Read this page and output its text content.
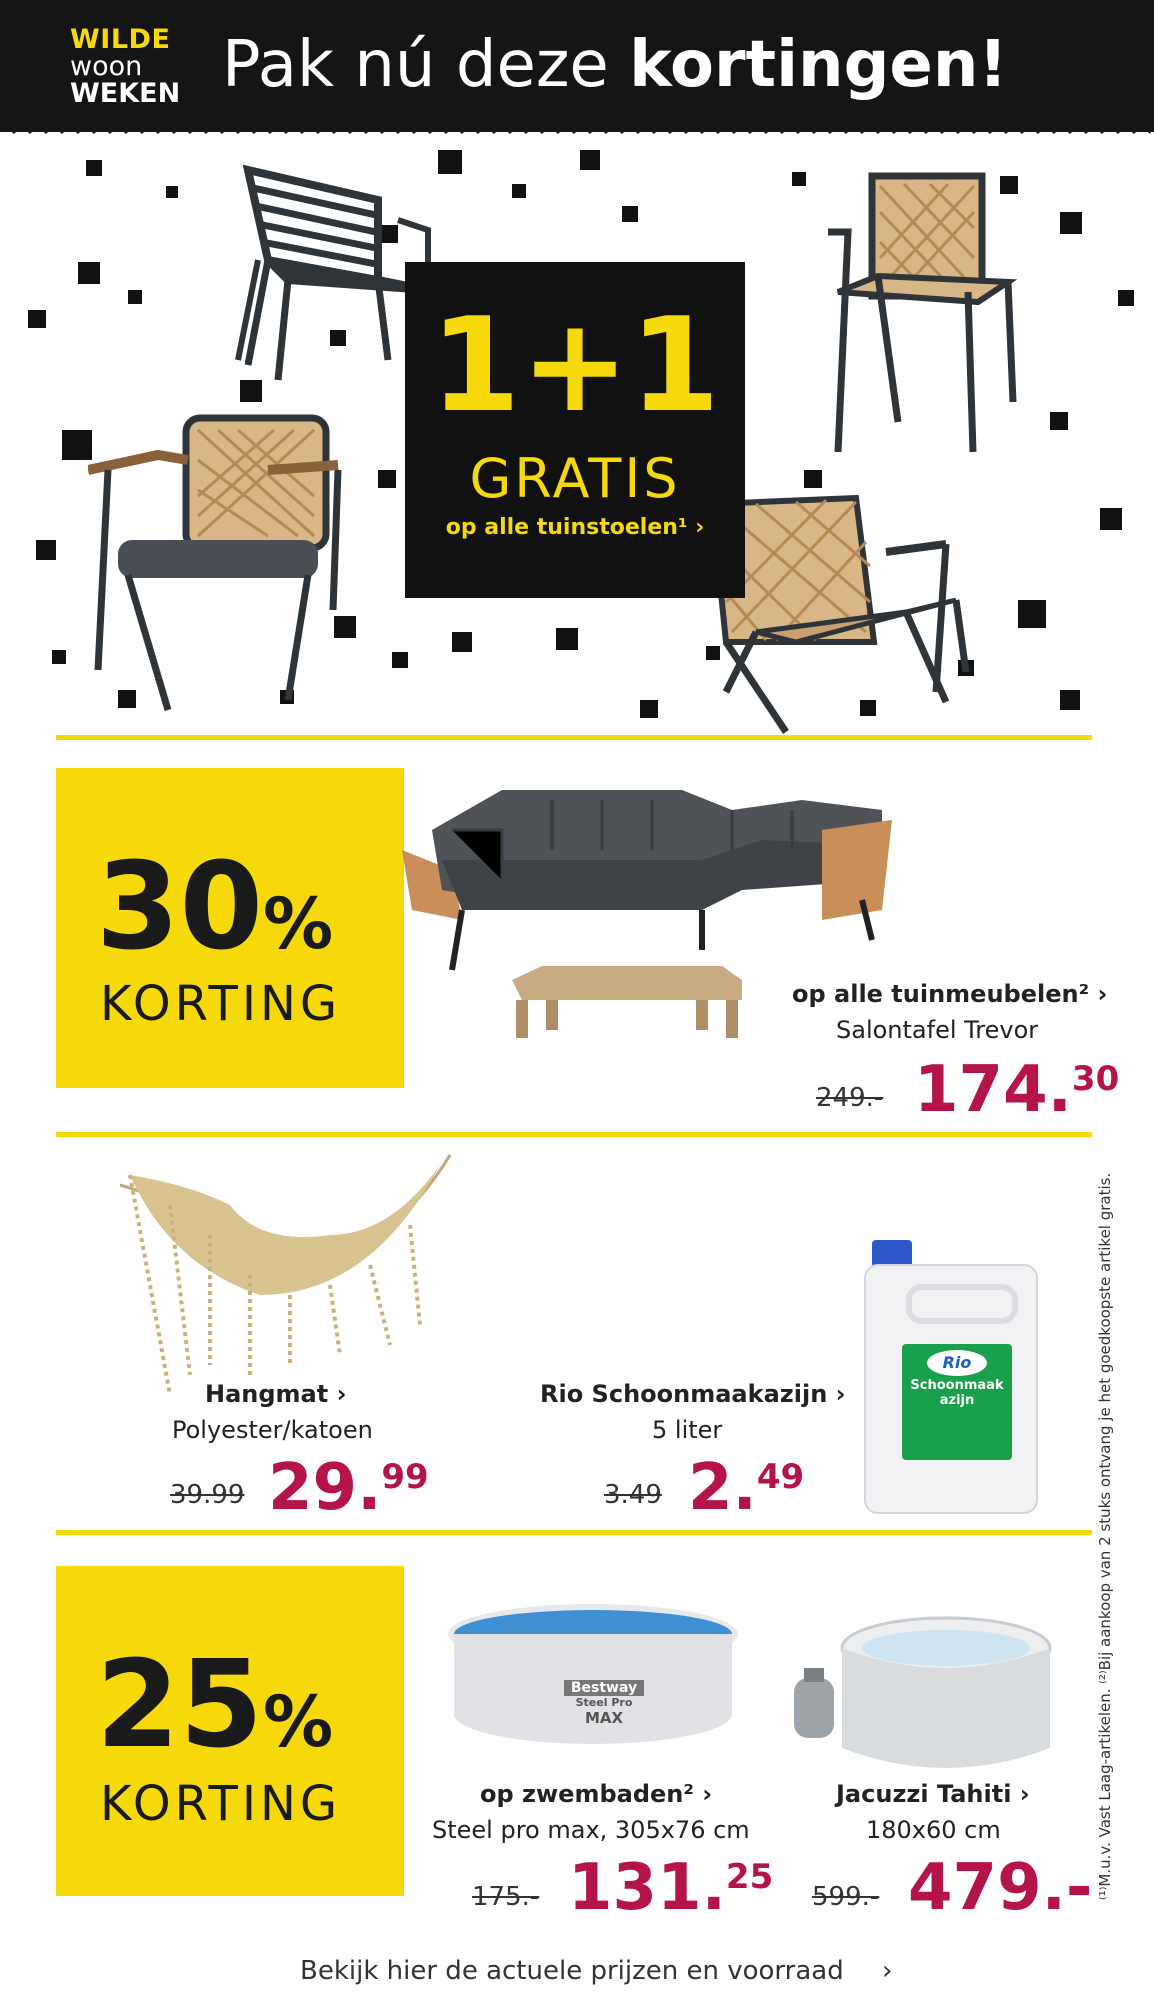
WILDE
woon
WEKEN Pak nú deze kortingen!
1+1
GRATIS
op alle tuinstoelen¹ ›
30%
KORTING	op alle tuinmeubelen² ›
Salontafel Trevor
249.- 174.30
Hangmat ›
Polyester/katoen
39.99 29.99
Rio Schoonmaakazijn ›
5 liter
3.49 2.49
Rio
Schoonmaak
azijn
25%
KORTING
Bestway
Steel Pro
MAX
op zwembaden² ›
Steel pro max, 305x76 cm
175.- 131.25
Jacuzzi Tahiti ›
180x60 cm
599.- 479.-
Bekijk hier de actuele prijzen en voorraad ›
⁽¹⁾M.u.v. Vast Laag-artikelen. ⁽²⁾Bij aankoop van 2 stuks ontvang je het goedkoopste artikel gratis.
